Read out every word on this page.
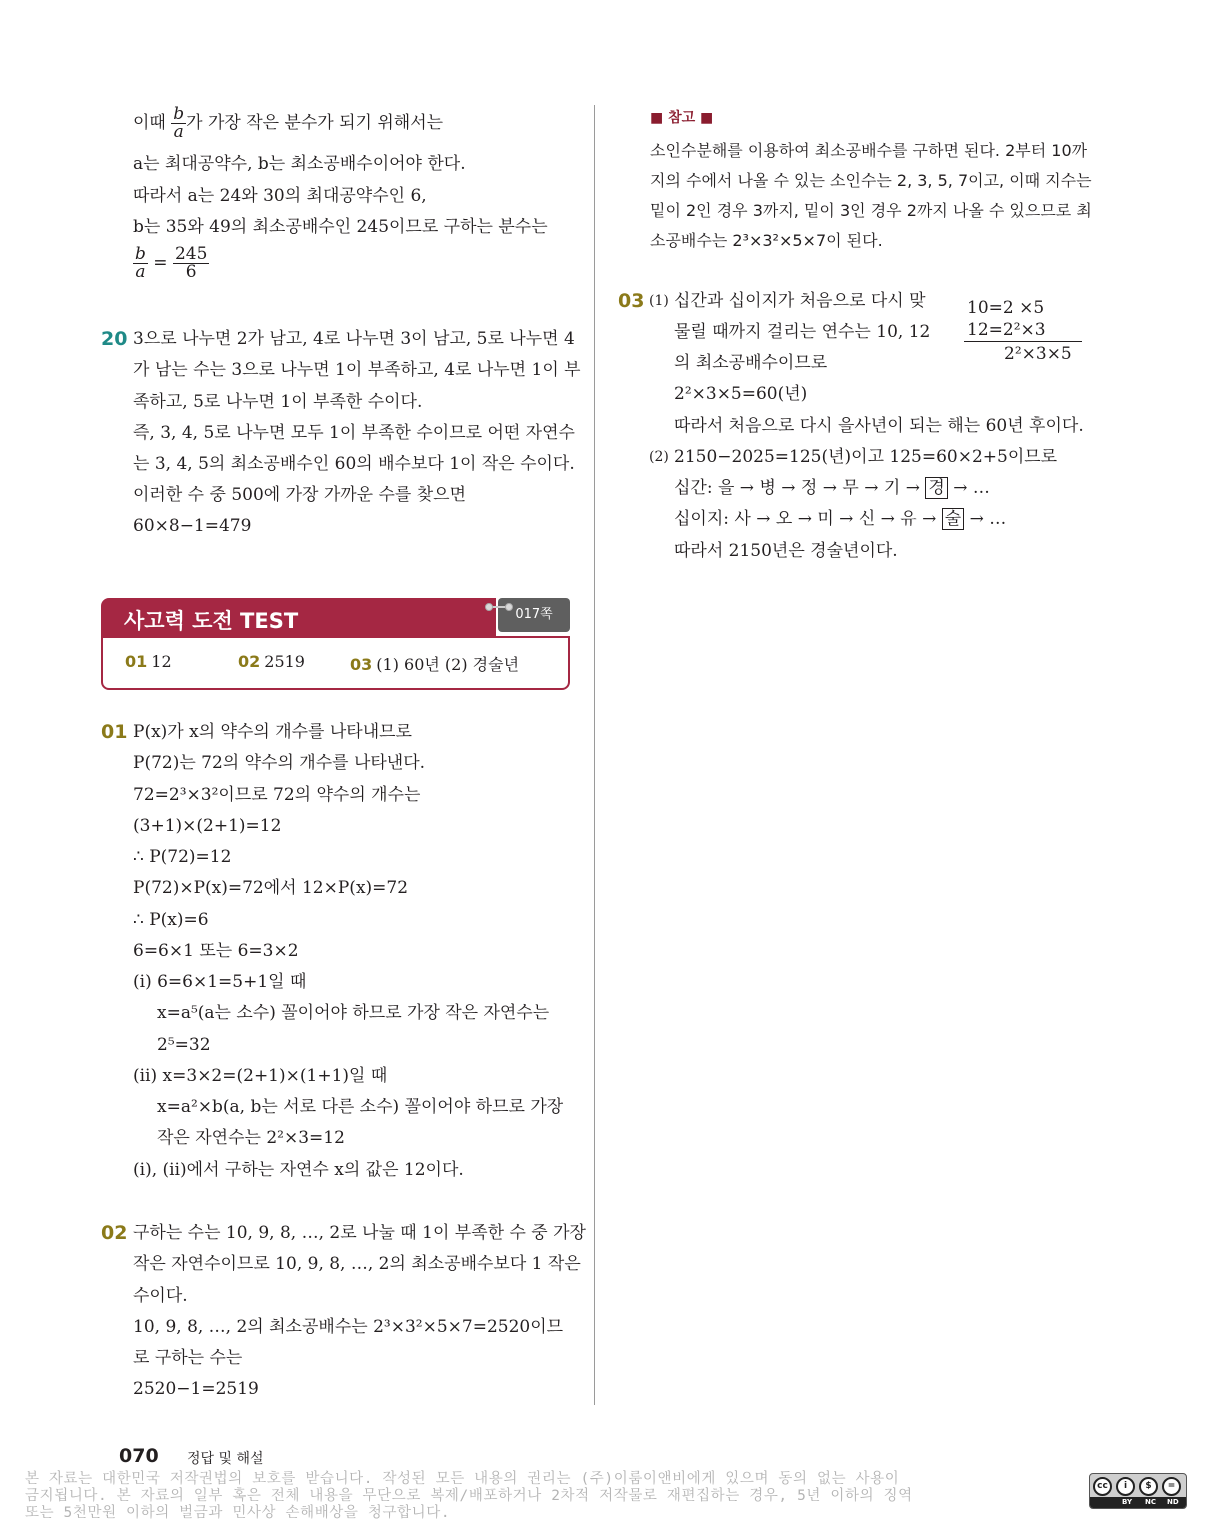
이때 $\frac{b}{a}$ 가 가장 작은 분수가 되기 위해서는
a는 최대공약수, b는 최소공배수이어야 한다.
따라서 a는 24와 30의 최대공약수인 6,
b는 35와 49의 최소공배수인 245이므로 구하는 분수는
$\frac{b}{a} = \frac{245}{6}$
20 3으로 나누면 2가 남고, 4로 나누면 3이 남고, 5로 나누면 4
가 남는 수는 3으로 나누면 1이 부족하고, 4로 나누면 1이 부
족하고, 5로 나누면 1이 부족한 수이다.
즉, 3, 4, 5로 나누면 모두 1이 부족한 수이므로 어떤 자연수
는 3, 4, 5의 최소공배수인 60의 배수보다 1이 작은 수이다.
이러한 수 중 500에 가장 가까운 수를 찾으면
60×8−1=479
사고력 도전 TEST	017쪽
01 12	02 2519	03 (1) 60년 (2) 경술년
01 P(x)가 x의 약수의 개수를 나타내므로
P(72)는 72의 약수의 개수를 나타낸다.
72=2³×3²이므로 72의 약수의 개수는
(3+1)×(2+1)=12
∴ P(72)=12
P(72)×P(x)=72에서 12×P(x)=72
∴ P(x)=6
6=6×1 또는 6=3×2
(ⅰ) 6=6×1=5+1일 때
x=a⁵(a는 소수) 꼴이어야 하므로 가장 작은 자연수는
2⁵=32
(ⅱ) x=3×2=(2+1)×(1+1)일 때
x=a²×b(a, b는 서로 다른 소수) 꼴이어야 하므로 가장
작은 자연수는 2²×3=12
(ⅰ), (ⅱ)에서 구하는 자연수 x의 값은 12이다.
02 구하는 수는 10, 9, 8, …, 2로 나눌 때 1이 부족한 수 중 가장
작은 자연수이므로 10, 9, 8, …, 2의 최소공배수보다 1 작은
수이다.
10, 9, 8, …, 2의 최소공배수는 2³×3²×5×7=2520이므
로 구하는 수는
2520−1=2519
■ 참고 ■
소인수분해를 이용하여 최소공배수를 구하면 된다. 2부터 10까
지의 수에서 나올 수 있는 소인수는 2, 3, 5, 7이고, 이때 지수는
밑이 2인 경우 3까지, 밑이 3인 경우 2까지 나올 수 있으므로 최
소공배수는 2³×3²×5×7이 된다.
03 (1) 십간과 십이지가 처음으로 다시 맞
물릴 때까지 걸리는 연수는 10, 12
의 최소공배수이므로
2²×3×5=60(년)
따라서 처음으로 다시 을사년이 되는 해는 60년 후이다.
10=2 ×5
12=2²×3
2²×3×5
(2) 2150−2025=125(년)이고 125=60×2+5이므로
십간: 을 → 병 → 정 → 무 → 기 → 경 → …
십이지: 사 → 오 → 미 → 신 → 유 → 술 → …
따라서 2150년은 경술년이다.
070 정답 및 해설
본 자료는 대한민국 저작권법의 보호를 받습니다. 작성된 모든 내용의 권리는 (주)이룸이앤비에게 있으며 동의 없는 사용이
금지됩니다. 본 자료의 일부 혹은 전체 내용을 무단으로 복제/배포하거나 2차적 저작물로 재편집하는 경우, 5년 이하의 징역
또는 5천만원 이하의 벌금과 민사상 손해배상을 청구합니다.
cc	i	$	=
BY NC ND
